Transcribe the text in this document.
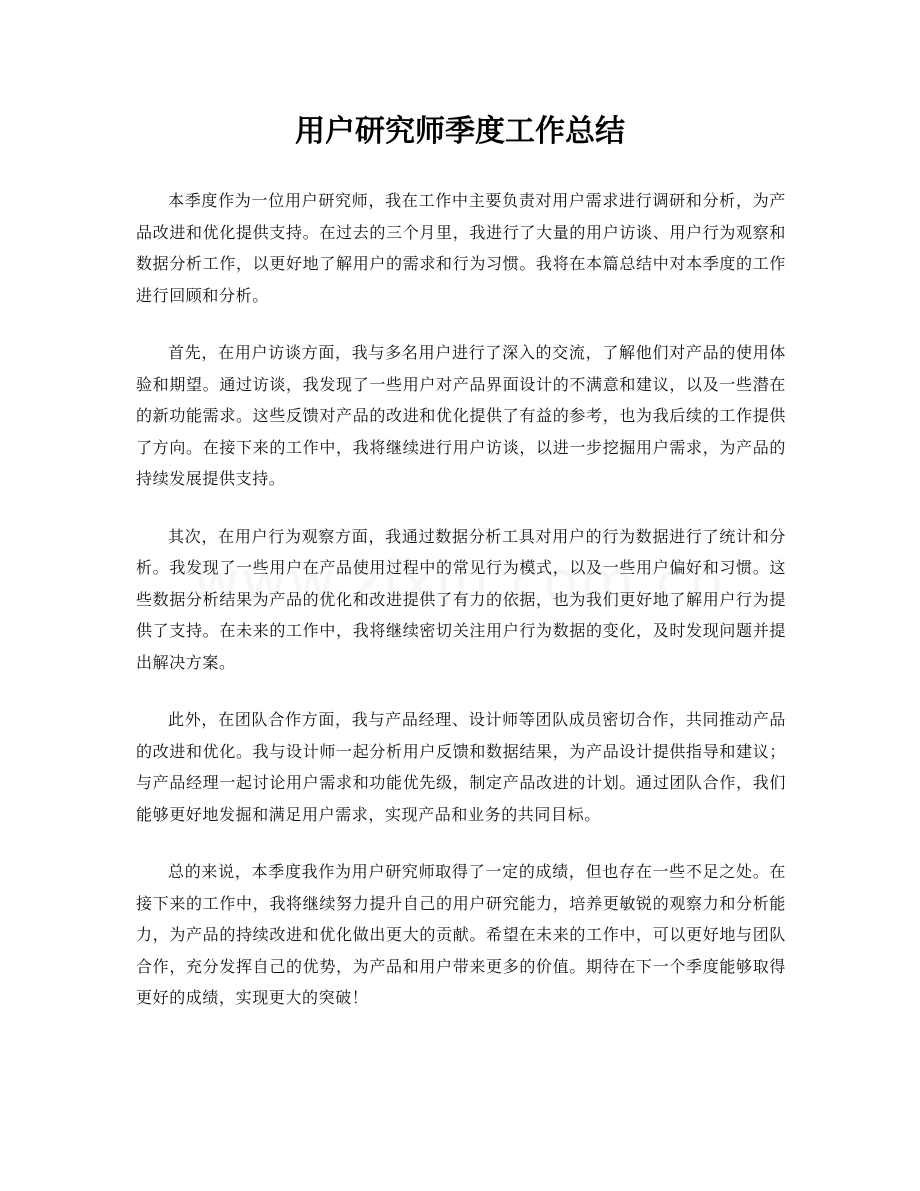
用户研究师季度工作总结

本季度作为一位用户研究师，我在工作中主要负责对用户需求进行调研和分析，为产品改进和优化提供支持。在过去的三个月里，我进行了大量的用户访谈、用户行为观察和数据分析工作，以更好地了解用户的需求和行为习惯。我将在本篇总结中对本季度的工作进行回顾和分析。

首先，在用户访谈方面，我与多名用户进行了深入的交流，了解他们对产品的使用体验和期望。通过访谈，我发现了一些用户对产品界面设计的不满意和建议，以及一些潜在的新功能需求。这些反馈对产品的改进和优化提供了有益的参考，也为我后续的工作提供了方向。在接下来的工作中，我将继续进行用户访谈，以进一步挖掘用户需求，为产品的持续发展提供支持。

其次，在用户行为观察方面，我通过数据分析工具对用户的行为数据进行了统计和分析。我发现了一些用户在产品使用过程中的常见行为模式，以及一些用户偏好和习惯。这些数据分析结果为产品的优化和改进提供了有力的依据，也为我们更好地了解用户行为提供了支持。在未来的工作中，我将继续密切关注用户行为数据的变化，及时发现问题并提出解决方案。

此外，在团队合作方面，我与产品经理、设计师等团队成员密切合作，共同推动产品的改进和优化。我与设计师一起分析用户反馈和数据结果，为产品设计提供指导和建议；与产品经理一起讨论用户需求和功能优先级，制定产品改进的计划。通过团队合作，我们能够更好地发掘和满足用户需求，实现产品和业务的共同目标。

总的来说，本季度我作为用户研究师取得了一定的成绩，但也存在一些不足之处。在接下来的工作中，我将继续努力提升自己的用户研究能力，培养更敏锐的观察力和分析能力，为产品的持续改进和优化做出更大的贡献。希望在未来的工作中，可以更好地与团队合作，充分发挥自己的优势，为产品和用户带来更多的价值。期待在下一个季度能够取得更好的成绩，实现更大的突破！
